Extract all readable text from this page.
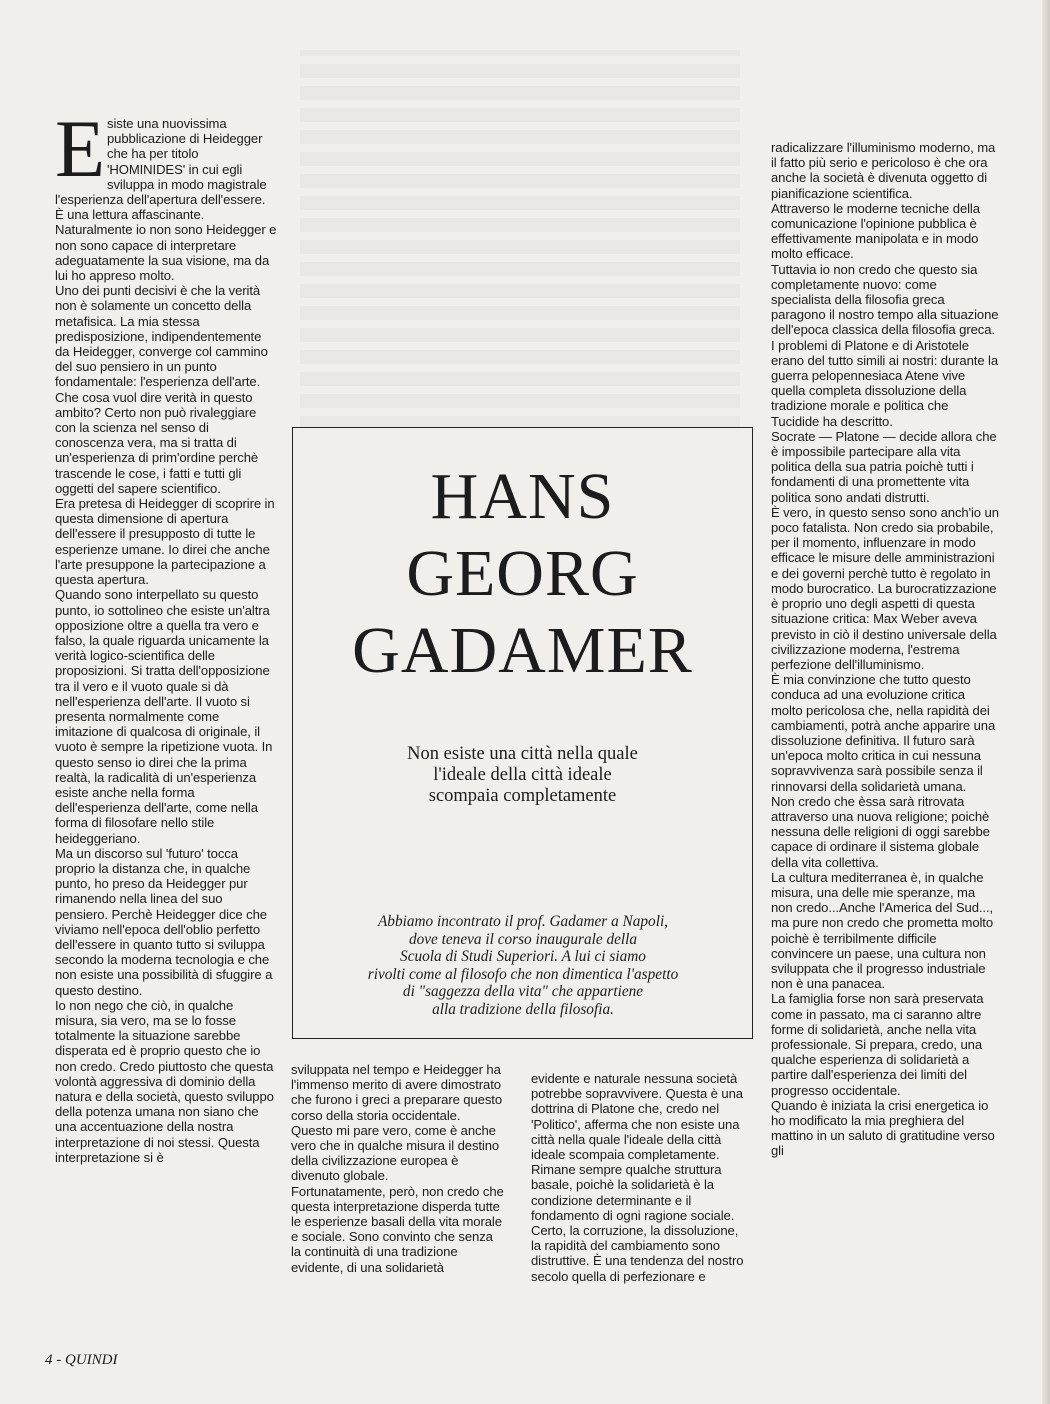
E siste una nuovissima pubblicazione di Heidegger che ha per titolo 'HOMINIDES' in cui egli sviluppa in modo magistrale l'esperienza dell'apertura dell'essere. È una lettura affascinante.

Naturalmente io non sono Heidegger e non sono capace di interpretare adeguatamente la sua visione, ma da lui ho appreso molto.

Uno dei punti decisivi è che la verità non è solamente un concetto della metafisica. La mia stessa predisposizione, indipendentemente da Heidegger, converge col cammino del suo pensiero in un punto fondamentale: l'esperienza dell'arte.

Che cosa vuol dire verità in questo ambito? Certo non può rivaleggiare con la scienza nel senso di conoscenza vera, ma si tratta di un'esperienza di prim'ordine perchè trascende le cose, i fatti e tutti gli oggetti del sapere scientifico.

Era pretesa di Heidegger di scoprire in questa dimensione di apertura dell'essere il presupposto di tutte le esperienze umane. Io direi che anche l'arte presuppone la partecipazione a questa apertura.

Quando sono interpellato su questo punto, io sottolineo che esiste un'altra opposizione oltre a quella tra vero e falso, la quale riguarda unicamente la verità logico-scientifica delle proposizioni. Si tratta dell'opposizione tra il vero e il vuoto quale si dà nell'esperienza dell'arte. Il vuoto si presenta normalmente come imitazione di qualcosa di originale, il vuoto è sempre la ripetizione vuota. In questo senso io direi che la prima realtà, la radicalità di un'esperienza esiste anche nella forma dell'esperienza dell'arte, come nella forma di filosofare nello stile heideggeriano.

Ma un discorso sul 'futuro' tocca proprio la distanza che, in qualche punto, ho preso da Heidegger pur rimanendo nella linea del suo pensiero. Perchè Heidegger dice che viviamo nell'epoca dell'oblio perfetto dell'essere in quanto tutto si sviluppa secondo la moderna tecnologia e che non esiste una possibilità di sfuggire a questo destino.

Io non nego che ciò, in qualche misura, sia vero, ma se lo fosse totalmente la situazione sarebbe disperata ed è proprio questo che io non credo. Credo piuttosto che questa volontà aggressiva di dominio della natura e della società, questo sviluppo della potenza umana non siano che una accentuazione della nostra interpretazione di noi stessi. Questa interpretazione si è

HANS
GEORG
GADAMER
Non esiste una città nella quale
l'ideale della città ideale
scompaia completamente
Abbiamo incontrato il prof. Gadamer a Napoli,
dove teneva il corso inaugurale della
Scuola di Studi Superiori. A lui ci siamo
rivolti come al filosofo che non dimentica l'aspetto
di "saggezza della vita" che appartiene
alla tradizione della filosofia.

sviluppata nel tempo e Heidegger ha l'immenso merito di avere dimostrato che furono i greci a preparare questo corso della storia occidentale.

Questo mi pare vero, come è anche vero che in qualche misura il destino della civilizzazione europea è divenuto globale.

Fortunatamente, però, non credo che questa interpretazione disperda tutte le esperienze basali della vita morale e sociale. Sono convinto che senza la continuità di una tradizione evidente, di una solidarietà

evidente e naturale nessuna società potrebbe sopravvivere. Questa è una dottrina di Platone che, credo nel 'Politico', afferma che non esiste una città nella quale l'ideale della città ideale scompaia completamente.

Rimane sempre qualche struttura basale, poichè la solidarietà è la condizione determinante e il fondamento di ogni ragione sociale.

Certo, la corruzione, la dissoluzione, la rapidità del cambiamento sono distruttive. È una tendenza del nostro secolo quella di perfezionare e

radicalizzare l'illuminismo moderno, ma il fatto più serio e pericoloso è che ora anche la società è divenuta oggetto di pianificazione scientifica.

Attraverso le moderne tecniche della comunicazione l'opinione pubblica è effettivamente manipolata e in modo molto efficace.

Tuttavia io non credo che questo sia completamente nuovo: come specialista della filosofia greca paragono il nostro tempo alla situazione dell'epoca classica della filosofia greca. I problemi di Platone e di Aristotele erano del tutto simili ai nostri: durante la guerra pelopennesiaca Atene vive quella completa dissoluzione della tradizione morale e politica che Tucidide ha descritto.

Socrate — Platone — decide allora che è impossibile partecipare alla vita politica della sua patria poichè tutti i fondamenti di una promettente vita politica sono andati distrutti.

È vero, in questo senso sono anch'io un poco fatalista. Non credo sia probabile, per il momento, influenzare in modo efficace le misure delle amministrazioni e dei governi perchè tutto è regolato in modo burocratico. La burocratizzazione è proprio uno degli aspetti di questa situazione critica: Max Weber aveva previsto in ciò il destino universale della civilizzazione moderna, l'estrema perfezione dell'illuminismo.

È mia convinzione che tutto questo conduca ad una evoluzione critica molto pericolosa che, nella rapidità dei cambiamenti, potrà anche apparire una dissoluzione definitiva. Il futuro sarà un'epoca molto critica in cui nessuna sopravvivenza sarà possibile senza il rinnovarsi della solidarietà umana.

Non credo che èssa sarà ritrovata attraverso una nuova religione; poichè nessuna delle religioni di oggi sarebbe capace di ordinare il sistema globale della vita collettiva.

La cultura mediterranea è, in qualche misura, una delle mie speranze, ma non credo...Anche l'America del Sud..., ma pure non credo che prometta molto poichè è terribilmente difficile convincere un paese, una cultura non sviluppata che il progresso industriale non è una panacea.

La famiglia forse non sarà preservata come in passato, ma ci saranno altre forme di solidarietà, anche nella vita professionale. Si prepara, credo, una qualche esperienza di solidarietà a partire dall'esperienza dei limiti del progresso occidentale.

Quando è iniziata la crisi energetica io ho modificato la mia preghiera del mattino in un saluto di gratitudine verso gli

4 - QUINDI
